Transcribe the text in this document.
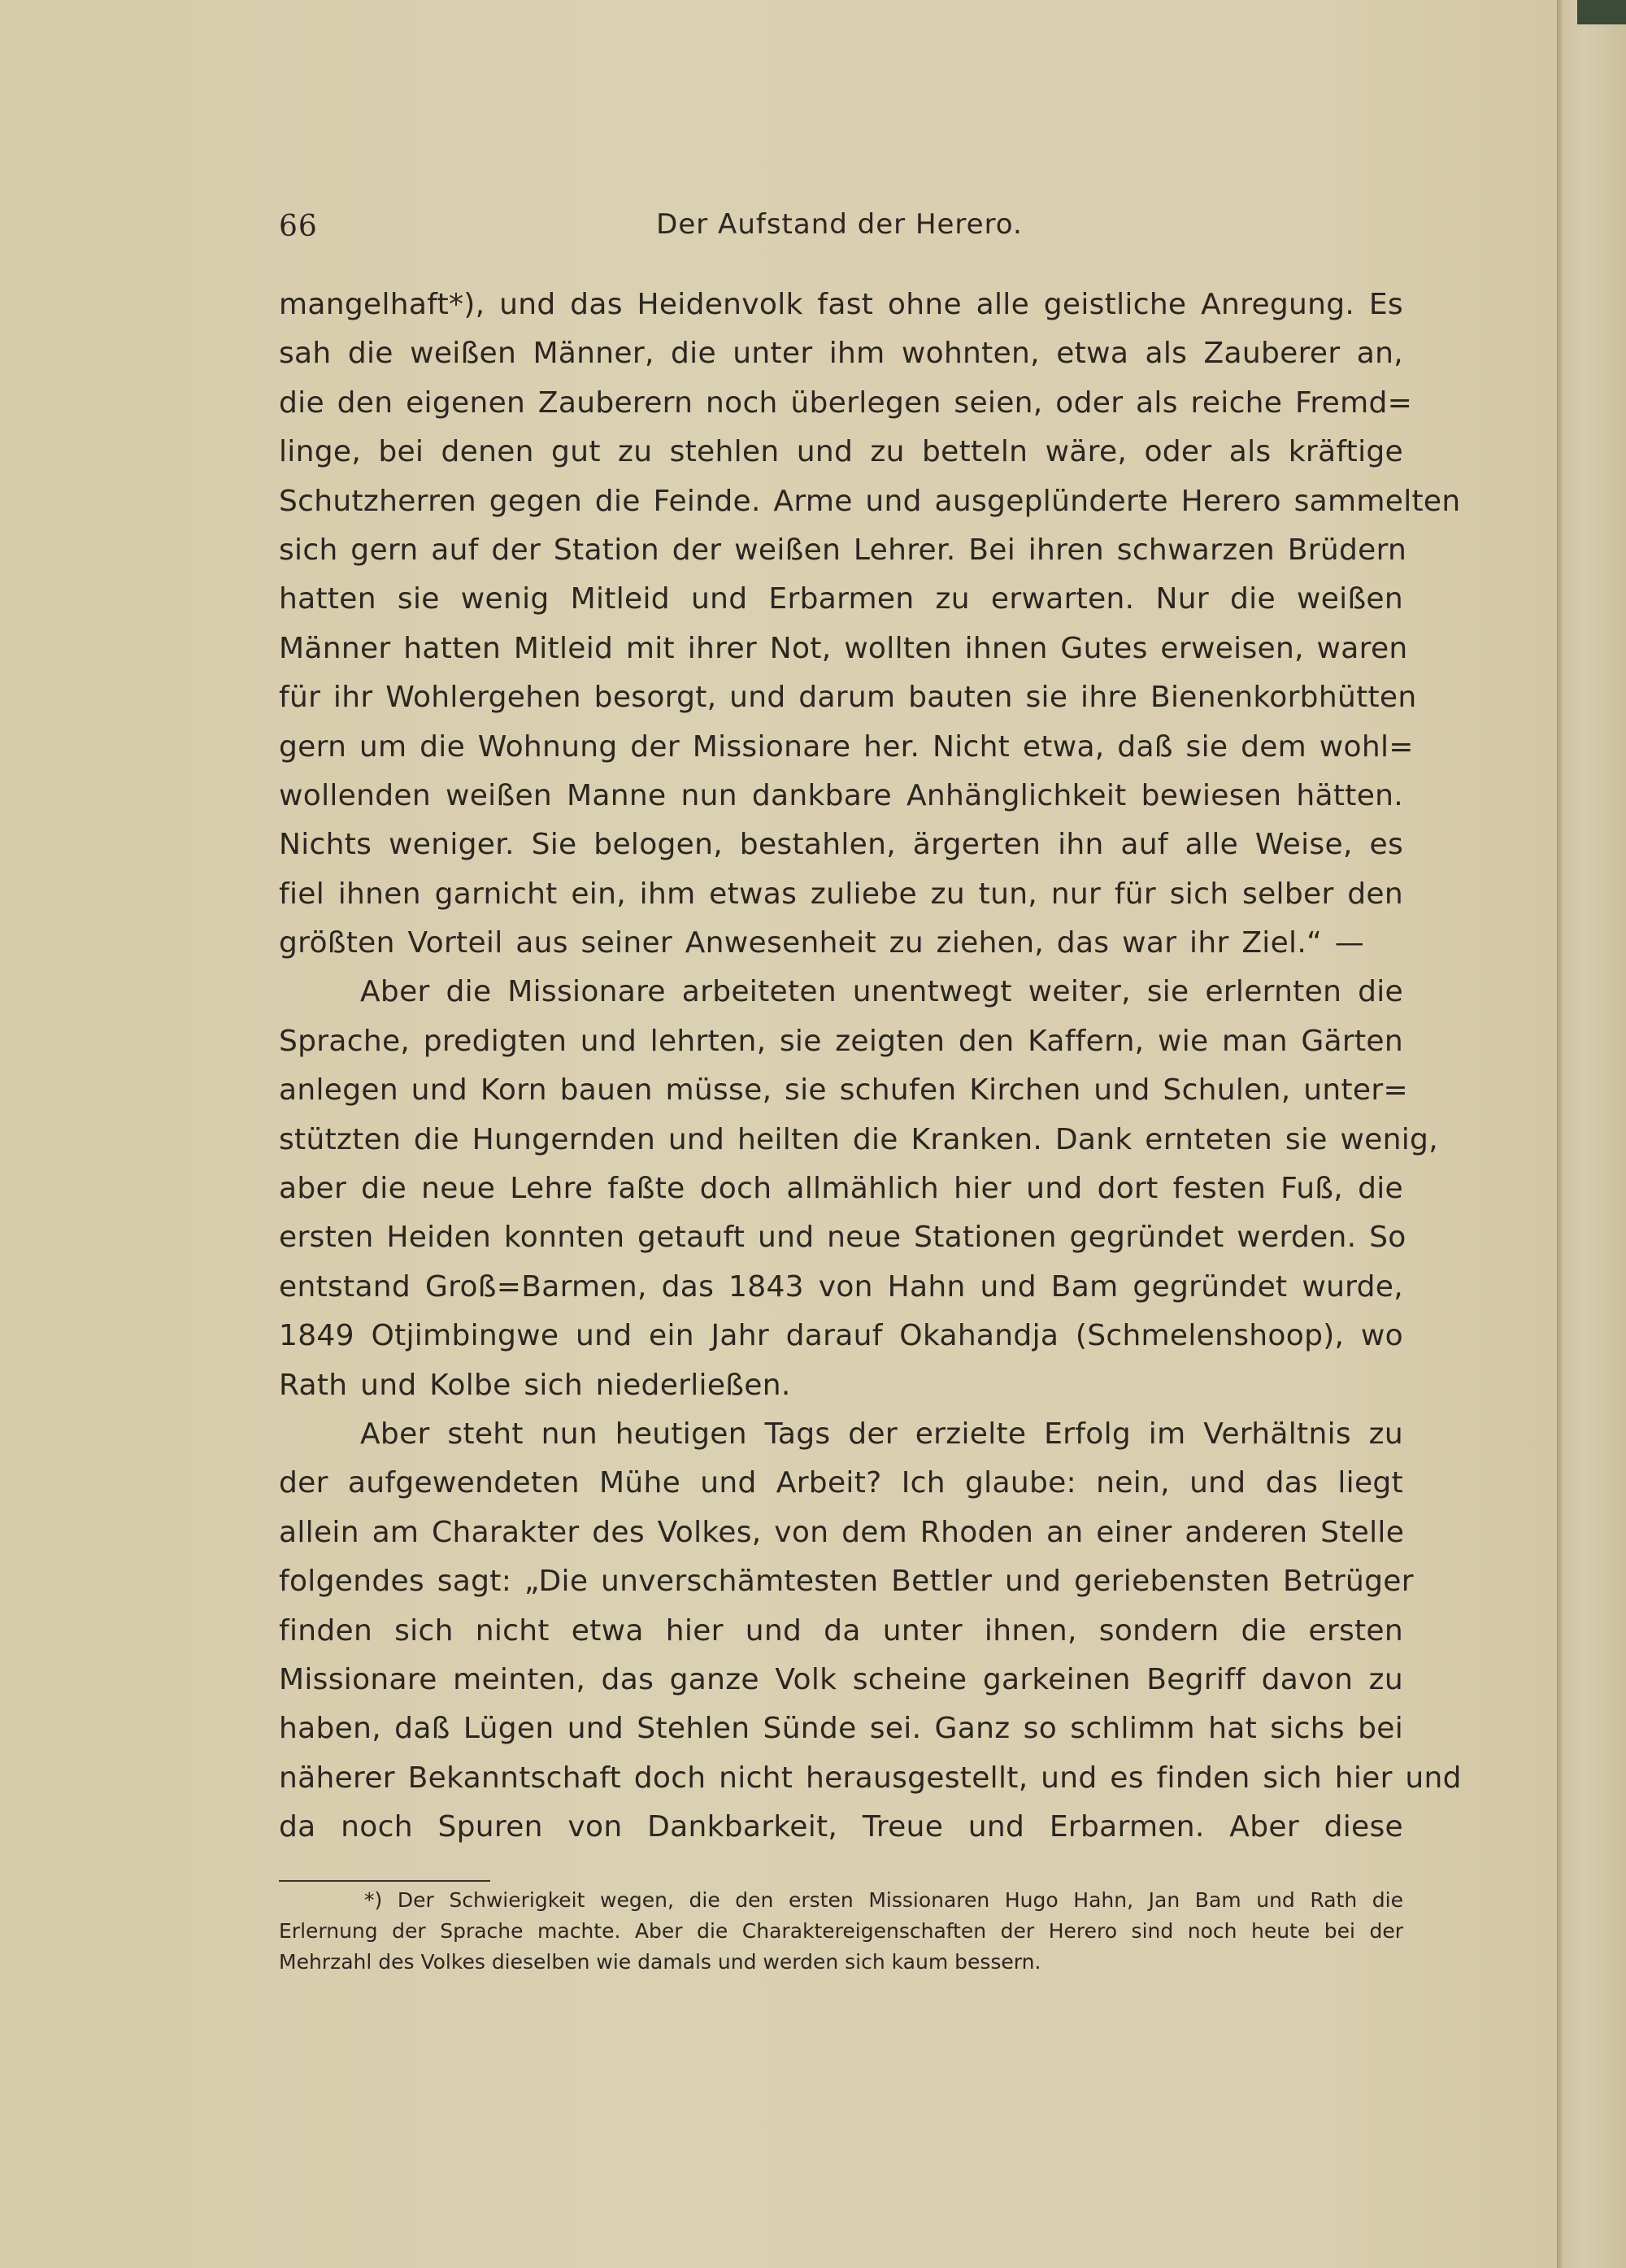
66	Der Aufstand der Herero.
mangelhaft*), und das Heidenvolk fast ohne alle geistliche Anregung. Es
sah die weißen Männer, die unter ihm wohnten, etwa als Zauberer an,
die den eigenen Zauberern noch überlegen seien, oder als reiche Fremd=
linge, bei denen gut zu stehlen und zu betteln wäre, oder als kräftige
Schutzherren gegen die Feinde. Arme und ausgeplünderte Herero sammelten
sich gern auf der Station der weißen Lehrer. Bei ihren schwarzen Brüdern
hatten sie wenig Mitleid und Erbarmen zu erwarten. Nur die weißen
Männer hatten Mitleid mit ihrer Not, wollten ihnen Gutes erweisen, waren
für ihr Wohlergehen besorgt, und darum bauten sie ihre Bienenkorbhütten
gern um die Wohnung der Missionare her. Nicht etwa, daß sie dem wohl=
wollenden weißen Manne nun dankbare Anhänglichkeit bewiesen hätten.
Nichts weniger. Sie belogen, bestahlen, ärgerten ihn auf alle Weise, es
fiel ihnen garnicht ein, ihm etwas zuliebe zu tun, nur für sich selber den
größten Vorteil aus seiner Anwesenheit zu ziehen, das war ihr Ziel.“ —
Aber die Missionare arbeiteten unentwegt weiter, sie erlernten die
Sprache, predigten und lehrten, sie zeigten den Kaffern, wie man Gärten
anlegen und Korn bauen müsse, sie schufen Kirchen und Schulen, unter=
stützten die Hungernden und heilten die Kranken. Dank ernteten sie wenig,
aber die neue Lehre faßte doch allmählich hier und dort festen Fuß, die
ersten Heiden konnten getauft und neue Stationen gegründet werden. So
entstand Groß=Barmen, das 1843 von Hahn und Bam gegründet wurde,
1849 Otjimbingwe und ein Jahr darauf Okahandja (Schmelenshoop), wo
Rath und Kolbe sich niederließen.
Aber steht nun heutigen Tags der erzielte Erfolg im Verhältnis zu
der aufgewendeten Mühe und Arbeit? Ich glaube: nein, und das liegt
allein am Charakter des Volkes, von dem Rhoden an einer anderen Stelle
folgendes sagt: „Die unverschämtesten Bettler und geriebensten Betrüger
finden sich nicht etwa hier und da unter ihnen, sondern die ersten
Missionare meinten, das ganze Volk scheine garkeinen Begriff davon zu
haben, daß Lügen und Stehlen Sünde sei. Ganz so schlimm hat sichs bei
näherer Bekanntschaft doch nicht herausgestellt, und es finden sich hier und
da noch Spuren von Dankbarkeit, Treue und Erbarmen. Aber diese
*) Der Schwierigkeit wegen, die den ersten Missionaren Hugo Hahn, Jan Bam und Rath die
Erlernung der Sprache machte. Aber die Charaktereigenschaften der Herero sind noch heute bei der
Mehrzahl des Volkes dieselben wie damals und werden sich kaum bessern.
